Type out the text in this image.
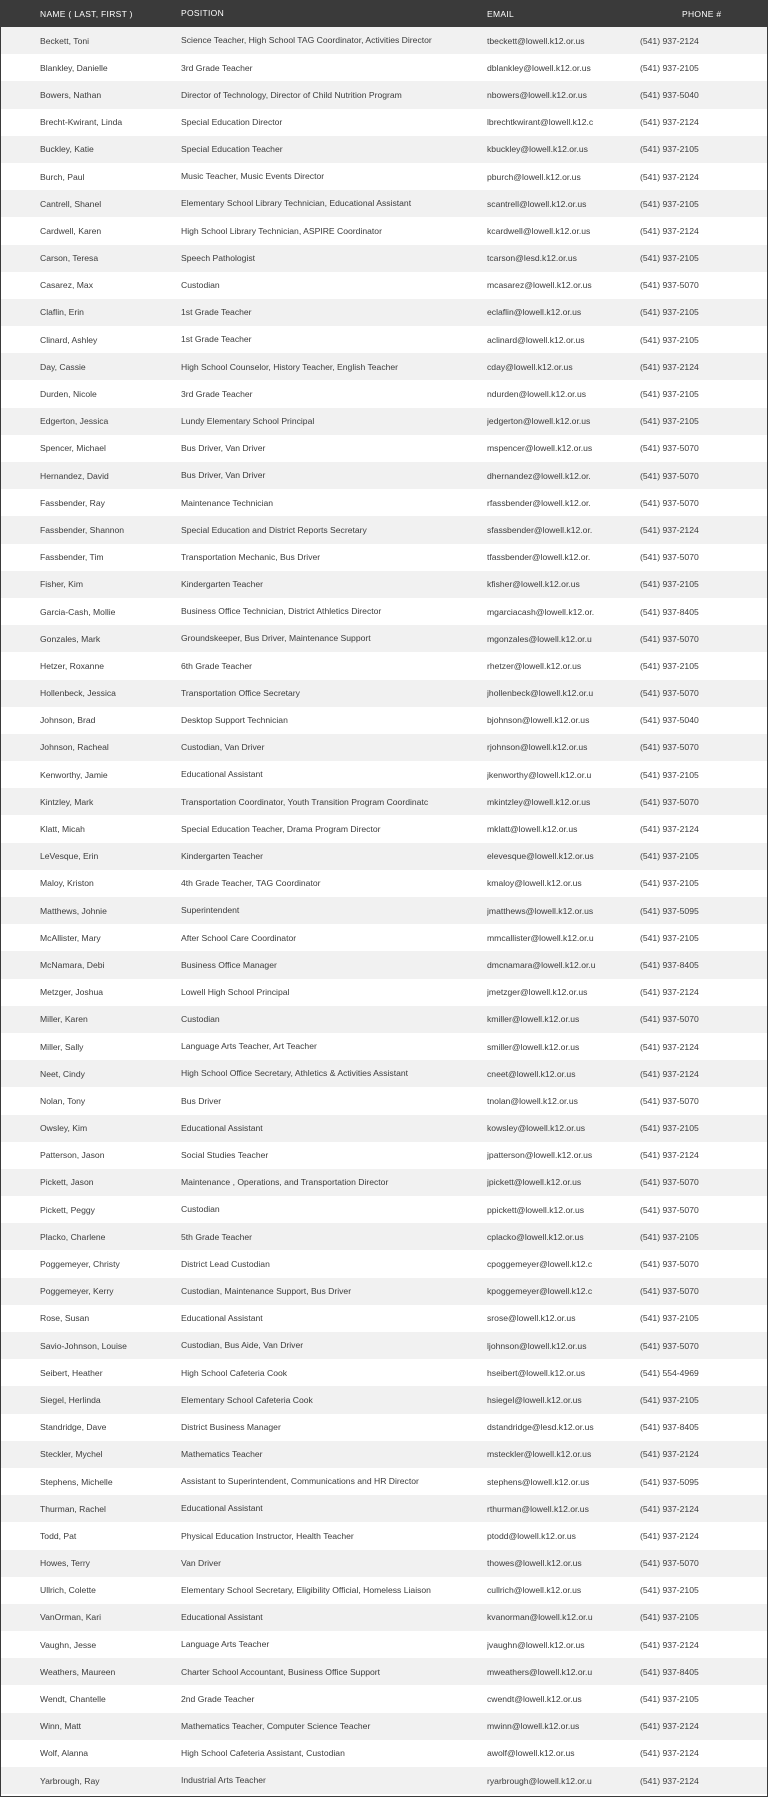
NAME ( LAST, FIRST )	POSITION	EMAIL	PHONE #
Beckett, Toni	Science Teacher, High School TAG Coordinator, Activities Director	tbeckett@lowell.k12.or.us	(541) 937-2124
Blankley, Danielle	3rd Grade Teacher	dblankley@lowell.k12.or.us	(541) 937-2105
Bowers, Nathan	Director of Technology, Director of Child Nutrition Program	nbowers@lowell.k12.or.us	(541) 937-5040
Brecht-Kwirant, Linda	Special Education Director	lbrechtkwirant@lowell.k12.c	(541) 937-2124
Buckley, Katie	Special Education Teacher	kbuckley@lowell.k12.or.us	(541) 937-2105
Burch, Paul	Music Teacher, Music Events Director	pburch@lowell.k12.or.us	(541) 937-2124
Cantrell, Shanel	Elementary School Library Technician, Educational Assistant	scantrell@lowell.k12.or.us	(541) 937-2105
Cardwell, Karen	High School Library Technician, ASPIRE Coordinator	kcardwell@lowell.k12.or.us	(541) 937-2124
Carson, Teresa	Speech Pathologist	tcarson@lesd.k12.or.us	(541) 937-2105
Casarez, Max	Custodian	mcasarez@lowell.k12.or.us	(541) 937-5070
Claflin, Erin	1st Grade Teacher	eclaflin@lowell.k12.or.us	(541) 937-2105
Clinard, Ashley	1st Grade Teacher	aclinard@lowell.k12.or.us	(541) 937-2105
Day, Cassie	High School Counselor, History Teacher, English Teacher	cday@lowell.k12.or.us	(541) 937-2124
Durden, Nicole	3rd Grade Teacher	ndurden@lowell.k12.or.us	(541) 937-2105
Edgerton, Jessica	Lundy Elementary School Principal	jedgerton@lowell.k12.or.us	(541) 937-2105
Spencer, Michael	Bus Driver, Van Driver	mspencer@lowell.k12.or.us	(541) 937-5070
Hernandez, David	Bus Driver, Van Driver	dhernandez@lowell.k12.or.	(541) 937-5070
Fassbender, Ray	Maintenance Technician	rfassbender@lowell.k12.or.	(541) 937-5070
Fassbender, Shannon	Special Education and District Reports Secretary	sfassbender@lowell.k12.or.	(541) 937-2124
Fassbender, Tim	Transportation Mechanic, Bus Driver	tfassbender@lowell.k12.or.	(541) 937-5070
Fisher, Kim	Kindergarten Teacher	kfisher@lowell.k12.or.us	(541) 937-2105
Garcia-Cash, Mollie	Business Office Technician, District Athletics Director	mgarciacash@lowell.k12.or.	(541) 937-8405
Gonzales, Mark	Groundskeeper, Bus Driver, Maintenance Support	mgonzales@lowell.k12.or.u	(541) 937-5070
Hetzer, Roxanne	6th Grade Teacher	rhetzer@lowell.k12.or.us	(541) 937-2105
Hollenbeck, Jessica	Transportation Office Secretary	jhollenbeck@lowell.k12.or.u	(541) 937-5070
Johnson, Brad	Desktop Support Technician	bjohnson@lowell.k12.or.us	(541) 937-5040
Johnson, Racheal	Custodian, Van Driver	rjohnson@lowell.k12.or.us	(541) 937-5070
Kenworthy, Jamie	Educational Assistant	jkenworthy@lowell.k12.or.u	(541) 937-2105
Kintzley, Mark	Transportation Coordinator, Youth Transition Program Coordinatc	mkintzley@lowell.k12.or.us	(541) 937-5070
Klatt, Micah	Special Education Teacher, Drama Program Director	mklatt@lowell.k12.or.us	(541) 937-2124
LeVesque, Erin	Kindergarten Teacher	elevesque@lowell.k12.or.us	(541) 937-2105
Maloy, Kriston	4th Grade Teacher, TAG Coordinator	kmaloy@lowell.k12.or.us	(541) 937-2105
Matthews, Johnie	Superintendent	jmatthews@lowell.k12.or.us	(541) 937-5095
McAllister, Mary	After School Care Coordinator	mmcallister@lowell.k12.or.u	(541) 937-2105
McNamara, Debi	Business Office Manager	dmcnamara@lowell.k12.or.u	(541) 937-8405
Metzger, Joshua	Lowell High School Principal	jmetzger@lowell.k12.or.us	(541) 937-2124
Miller, Karen	Custodian	kmiller@lowell.k12.or.us	(541) 937-5070
Miller, Sally	Language Arts Teacher, Art Teacher	smiller@lowell.k12.or.us	(541) 937-2124
Neet, Cindy	High School Office Secretary, Athletics & Activities Assistant	cneet@lowell.k12.or.us	(541) 937-2124
Nolan, Tony	Bus Driver	tnolan@lowell.k12.or.us	(541) 937-5070
Owsley, Kim	Educational Assistant	kowsley@lowell.k12.or.us	(541) 937-2105
Patterson, Jason	Social Studies Teacher	jpatterson@lowell.k12.or.us	(541) 937-2124
Pickett, Jason	Maintenance , Operations, and Transportation Director	jpickett@lowell.k12.or.us	(541) 937-5070
Pickett, Peggy	Custodian	ppickett@lowell.k12.or.us	(541) 937-5070
Placko, Charlene	5th Grade Teacher	cplacko@lowell.k12.or.us	(541) 937-2105
Poggemeyer, Christy	District Lead Custodian	cpoggemeyer@lowell.k12.c	(541) 937-5070
Poggemeyer, Kerry	Custodian, Maintenance Support, Bus Driver	kpoggemeyer@lowell.k12.c	(541) 937-5070
Rose, Susan	Educational Assistant	srose@lowell.k12.or.us	(541) 937-2105
Savio-Johnson, Louise	Custodian, Bus Aide, Van Driver	ljohnson@lowell.k12.or.us	(541) 937-5070
Seibert, Heather	High School Cafeteria Cook	hseibert@lowell.k12.or.us	(541) 554-4969
Siegel, Herlinda	Elementary School Cafeteria Cook	hsiegel@lowell.k12.or.us	(541) 937-2105
Standridge, Dave	District Business Manager	dstandridge@lesd.k12.or.us	(541) 937-8405
Steckler, Mychel	Mathematics Teacher	msteckler@lowell.k12.or.us	(541) 937-2124
Stephens, Michelle	Assistant to Superintendent, Communications and HR Director	stephens@lowell.k12.or.us	(541) 937-5095
Thurman, Rachel	Educational Assistant	rthurman@lowell.k12.or.us	(541) 937-2124
Todd, Pat	Physical Education Instructor, Health Teacher	ptodd@lowell.k12.or.us	(541) 937-2124
Howes, Terry	Van Driver	thowes@lowell.k12.or.us	(541) 937-5070
Ullrich, Colette	Elementary School Secretary, Eligibility Official, Homeless Liaison	cullrich@lowell.k12.or.us	(541) 937-2105
VanOrman, Kari	Educational Assistant	kvanorman@lowell.k12.or.u	(541) 937-2105
Vaughn, Jesse	Language Arts Teacher	jvaughn@lowell.k12.or.us	(541) 937-2124
Weathers, Maureen	Charter School Accountant, Business Office Support	mweathers@lowell.k12.or.u	(541) 937-8405
Wendt, Chantelle	2nd Grade Teacher	cwendt@lowell.k12.or.us	(541) 937-2105
Winn, Matt	Mathematics Teacher, Computer Science Teacher	mwinn@lowell.k12.or.us	(541) 937-2124
Wolf, Alanna	High School Cafeteria Assistant, Custodian	awolf@lowell.k12.or.us	(541) 937-2124
Yarbrough, Ray	Industrial Arts Teacher	ryarbrough@lowell.k12.or.u	(541) 937-2124
